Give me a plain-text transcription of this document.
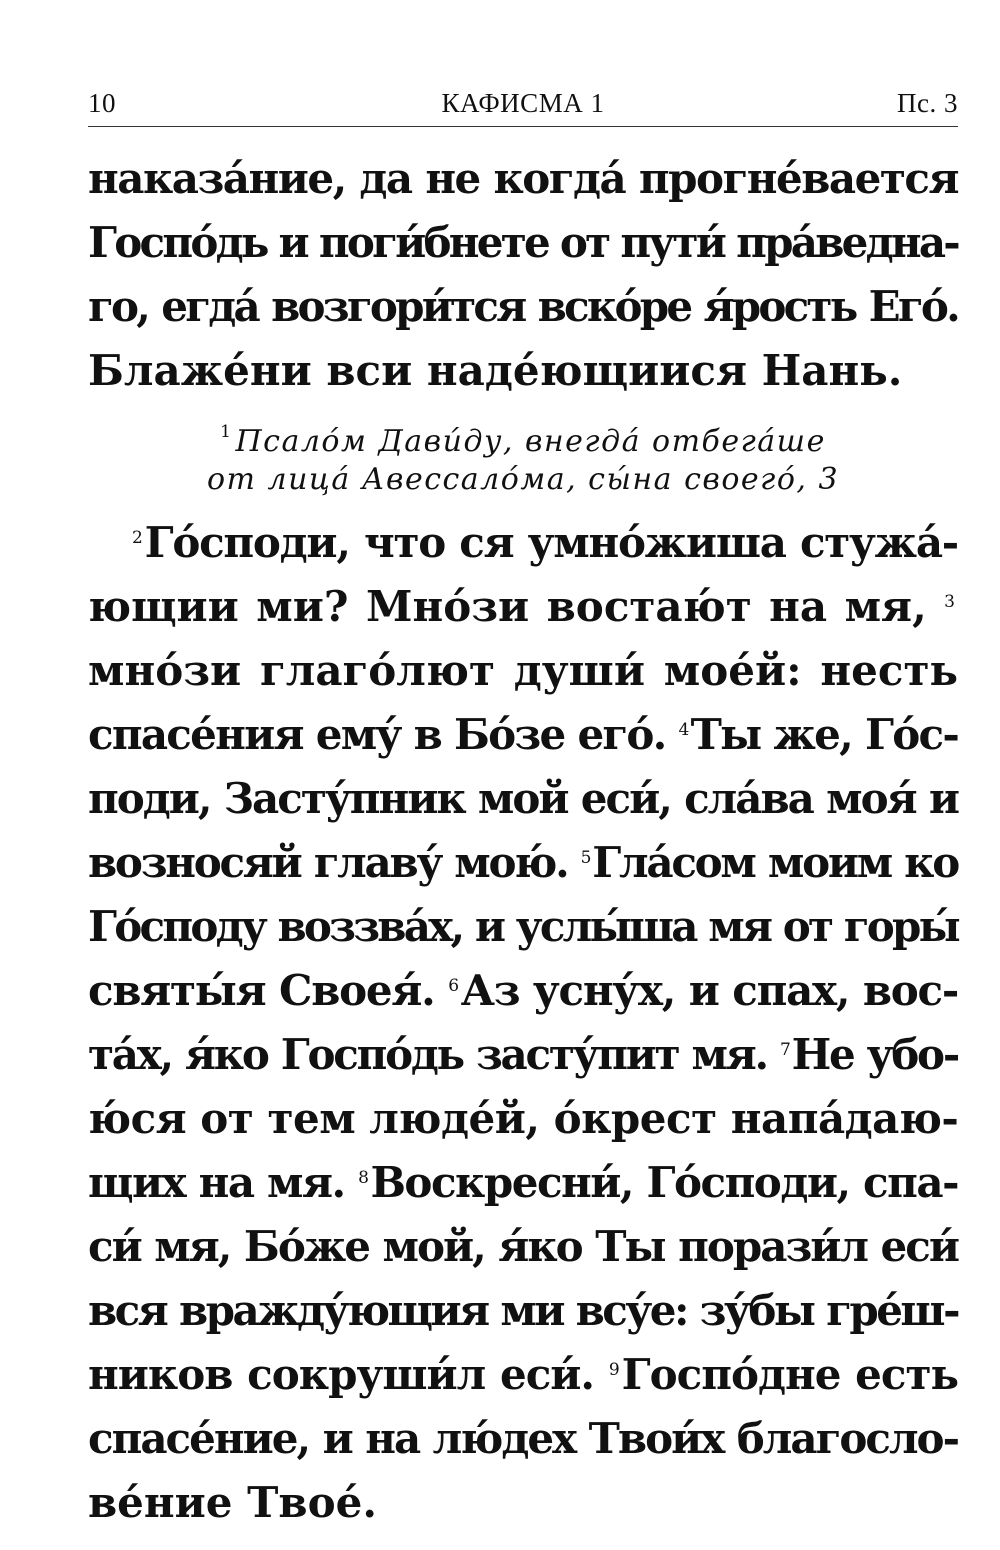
10	КАФИСМА 1	Пс. 3

наказа́ние, да не когда́ прогне́вается
Госпо́дь и поги́бнете от пути́ пра́ведна-
го, егда́ возгори́тся вско́ре я́рость Его́.
Блаже́ни вси наде́ющиися Нань.

$^1$ Псало́м Дави́ду, внегда́ отбега́ше
от лица́ Авессало́ма, сы́на своего́, 3

$^2$Го́споди, что ся умно́жиша стужа́-
ющии ми? Мно́зи востаю́т на мя, $^3$
мно́зи глаго́лют души́ мое́й: несть
спасе́ния ему́ в Бо́зе его́. $^4$Ты же, Го́с-
поди, Засту́пник мой еси́, сла́ва моя́ и
возносяй главу́ мою́. $^5$Гла́сом моим ко
Го́споду воззва́х, и услы́ша мя от горы́
святы́я Своея́. $^6$Аз усну́х, и спах, вос-
та́х, я́ко Госпо́дь засту́пит мя. $^7$Не убо-
ю́ся от тем люде́й, о́крест напа́даю-
щих на мя. $^8$Воскресни́, Го́споди, спа-
си́ мя, Бо́же мой, я́ко Ты порази́л еси́
вся вражду́ющия ми всу́е: зу́бы гре́ш-
ников сокруши́л еси́. $^9$Госпо́дне есть
спасе́ние, и на лю́дех Твои́х благосло-
ве́ние Твое́.
